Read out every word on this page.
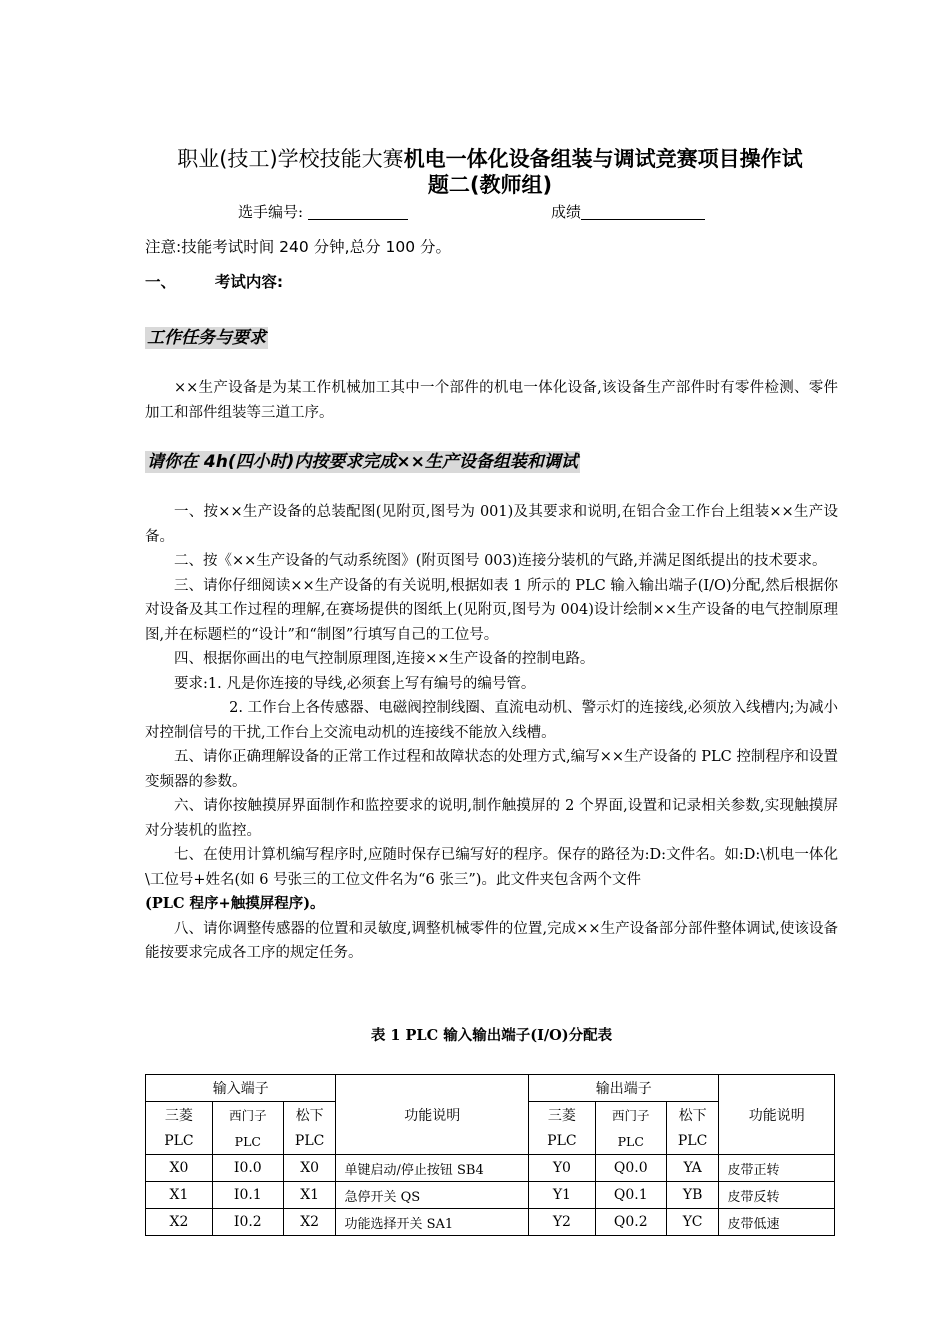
职业(技工)学校技能大赛机电一体化设备组装与调试竞赛项目操作试
题二(教师组)
选手编号:	成绩
注意:技能考试时间 240 分钟,总分 100 分。
一、	考试内容:
工作任务与要求

××生产设备是为某工作机械加工其中一个部件的机电一体化设备,该设备生产部件时有零件检测、零件加工和部件组装等三道工序。

请你在 4h(四小时)内按要求完成××生产设备组装和调试

一、按××生产设备的总装配图(见附页,图号为 001)及其要求和说明,在铝合金工作台上组装××生产设备。

二、按《××生产设备的气动系统图》(附页图号 003)连接分装机的气路,并满足图纸提出的技术要求。

三、请你仔细阅读××生产设备的有关说明,根据如表 1 所示的 PLC 输入输出端子(I/O)分配,然后根据你对设备及其工作过程的理解,在赛场提供的图纸上(见附页,图号为 004)设计绘制××生产设备的电气控制原理图,并在标题栏的“设计”和“制图”行填写自己的工位号。

四、根据你画出的电气控制原理图,连接××生产设备的控制电路。

要求:1. 凡是你连接的导线,必须套上写有编号的编号管。

2. 工作台上各传感器、电磁阀控制线圈、直流电动机、警示灯的连接线,必须放入线槽内;为减小对控制信号的干扰,工作台上交流电动机的连接线不能放入线槽。

五、请你正确理解设备的正常工作过程和故障状态的处理方式,编写××生产设备的 PLC 控制程序和设置变频器的参数。

六、请你按触摸屏界面制作和监控要求的说明,制作触摸屏的 2 个界面,设置和记录相关参数,实现触摸屏对分装机的监控。

七、在使用计算机编写程序时,应随时保存已编写好的程序。保存的路径为:D:文件名。如:D:\机电一体化\工位号+姓名(如 6 号张三的工位文件名为“6 张三”)。此文件夹包含两个文件

(PLC 程序+触摸屏程序)。

八、请你调整传感器的位置和灵敏度,调整机械零件的位置,完成××生产设备部分部件整体调试,使该设备能按要求完成各工序的规定任务。

表 1 PLC 输入输出端子(I/O)分配表
输入端子			功能说明	输出端子			功能说明
三菱	西门子	松下		三菱	西门子	松下	
PLC	PLC	PLC		PLC	PLC	PLC	
X0	I0.0	X0	单键启动/停止按钮 SB4	Y0	Q0.0	YA	皮带正转
X1	I0.1	X1	急停开关 QS	Y1	Q0.1	YB	皮带反转
X2	I0.2	X2	功能选择开关 SA1	Y2	Q0.2	YC	皮带低速
